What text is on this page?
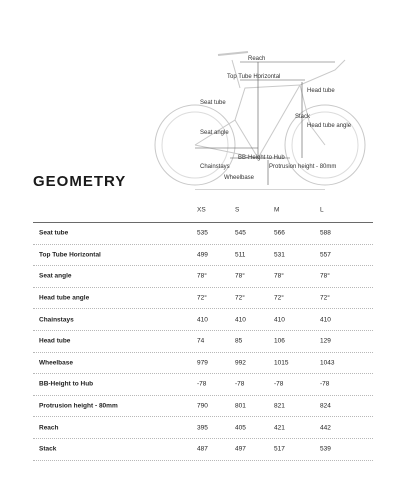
Reach
Top Tube Horizontal
Head tube
Seat tube
Stack
Head tube angle
Seat angle
BB-Height to Hub
Chainstays	Protrusion height - 80mm
Wheelbase
GEOMETRY
XS	S	M	L
Seat tube	535	545	566	588
Top Tube Horizontal	499	511	531	557
Seat angle	78°	78°	78°	78°
Head tube angle	72°	72°	72°	72°
Chainstays	410	410	410	410
Head tube	74	85	106	129
Wheelbase	979	992	1015	1043
BB-Height to Hub	-78	-78	-78	-78
Protrusion height - 80mm	790	801	821	824
Reach	395	405	421	442
Stack	487	497	517	539
